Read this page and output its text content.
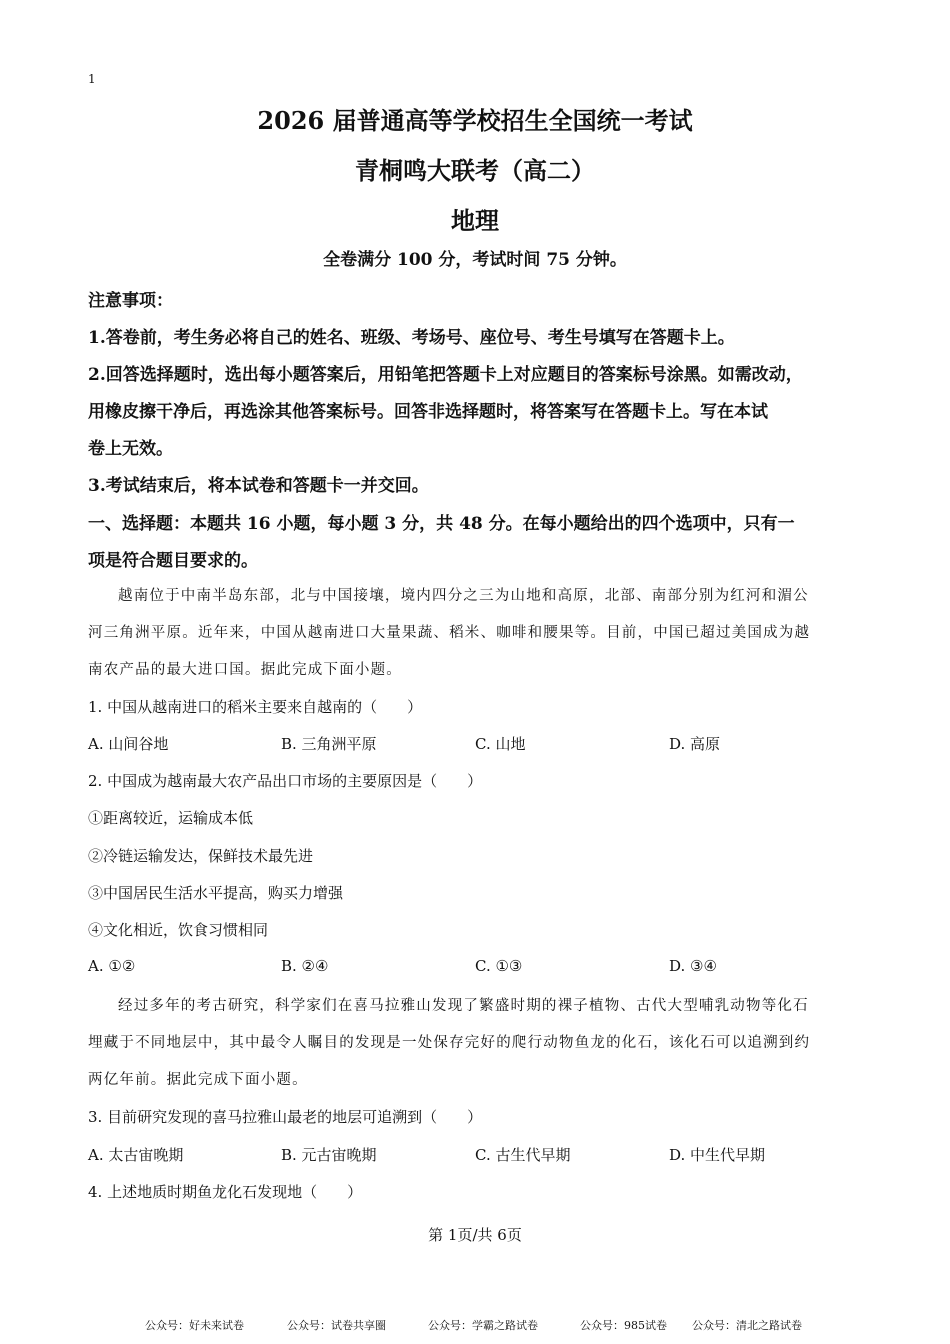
1
2026 届普通高等学校招生全国统一考试
青桐鸣大联考（高二）
地理
全卷满分 100 分，考试时间 75 分钟。
注意事项：
1.答卷前，考生务必将自己的姓名、班级、考场号、座位号、考生号填写在答题卡上。
2.回答选择题时，选出每小题答案后，用铅笔把答题卡上对应题目的答案标号涂黑。如需改动，
用橡皮擦干净后，再选涂其他答案标号。回答非选择题时，将答案写在答题卡上。写在本试
卷上无效。
3.考试结束后，将本试卷和答题卡一并交回。
一、选择题：本题共 16 小题，每小题 3 分，共 48 分。在每小题给出的四个选项中，只有一
项是符合题目要求的。
越南位于中南半岛东部，北与中国接壤，境内四分之三为山地和高原，北部、南部分别为红河和湄公
河三角洲平原。近年来，中国从越南进口大量果蔬、稻米、咖啡和腰果等。目前，中国已超过美国成为越
南农产品的最大进口国。据此完成下面小题。
1. 中国从越南进口的稻米主要来自越南的（　　）
A. 山间谷地	B. 三角洲平原	C. 山地	D. 高原
2. 中国成为越南最大农产品出口市场的主要原因是（　　）
①距离较近，运输成本低
②冷链运输发达，保鲜技术最先进
③中国居民生活水平提高，购买力增强
④文化相近，饮食习惯相同
A. ①②	B. ②④	C. ①③	D. ③④
经过多年的考古研究，科学家们在喜马拉雅山发现了繁盛时期的裸子植物、古代大型哺乳动物等化石
埋藏于不同地层中，其中最令人瞩目的发现是一处保存完好的爬行动物鱼龙的化石，该化石可以追溯到约
两亿年前。据此完成下面小题。
3. 目前研究发现的喜马拉雅山最老的地层可追溯到（　　）
A. 太古宙晚期	B. 元古宙晚期	C. 古生代早期	D. 中生代早期
4. 上述地质时期鱼龙化石发现地（　　）
第 1页/共 6页
公众号：好未来试卷	公众号：试卷共享圈	公众号：学霸之路试卷	公众号：985试卷 公众号：清北之路试卷
